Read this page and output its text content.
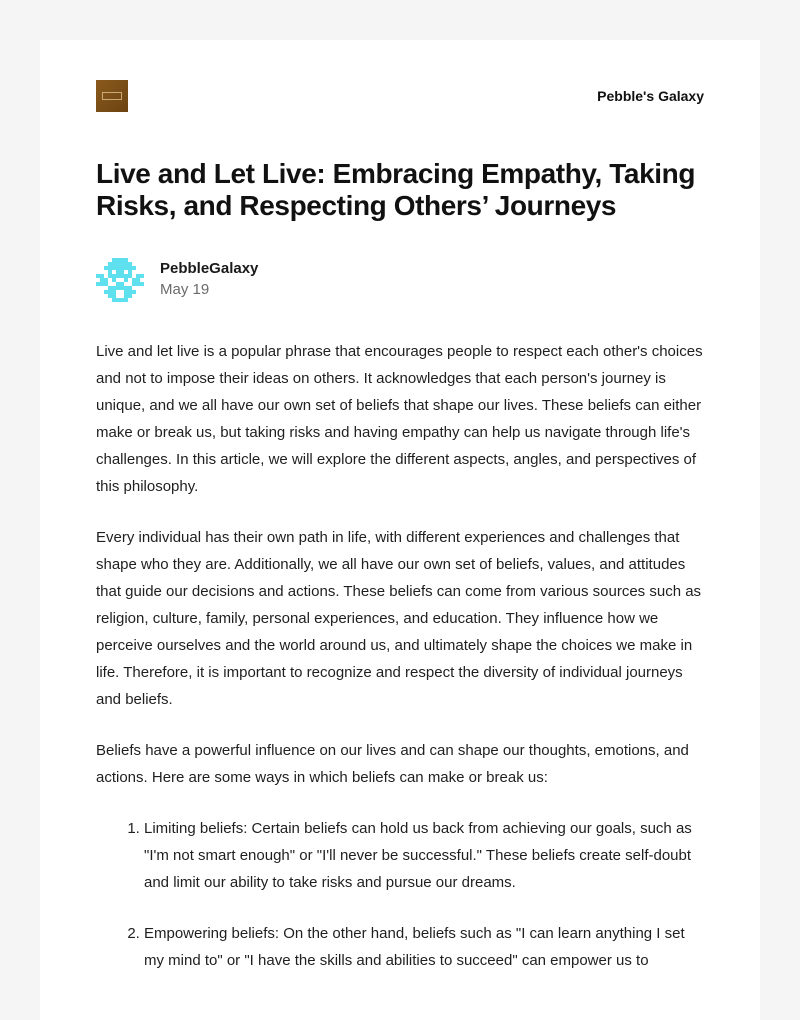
Pebble's Galaxy
Live and Let Live: Embracing Empathy, Taking Risks, and Respecting Others’ Journeys
PebbleGalaxy
May 19

Live and let live is a popular phrase that encourages people to respect each other's choices and not to impose their ideas on others. It acknowledges that each person's journey is unique, and we all have our own set of beliefs that shape our lives. These beliefs can either make or break us, but taking risks and having empathy can help us navigate through life's challenges. In this article, we will explore the different aspects, angles, and perspectives of this philosophy.

Every individual has their own path in life, with different experiences and challenges that shape who they are. Additionally, we all have our own set of beliefs, values, and attitudes that guide our decisions and actions. These beliefs can come from various sources such as religion, culture, family, personal experiences, and education. They influence how we perceive ourselves and the world around us, and ultimately shape the choices we make in life. Therefore, it is important to recognize and respect the diversity of individual journeys and beliefs.

Beliefs have a powerful influence on our lives and can shape our thoughts, emotions, and actions. Here are some ways in which beliefs can make or break us:

1. Limiting beliefs: Certain beliefs can hold us back from achieving our goals, such as "I'm not smart enough" or "I'll never be successful." These beliefs create self-doubt and limit our ability to take risks and pursue our dreams.
2. Empowering beliefs: On the other hand, beliefs such as "I can learn anything I set my mind to" or "I have the skills and abilities to succeed" can empower us to
